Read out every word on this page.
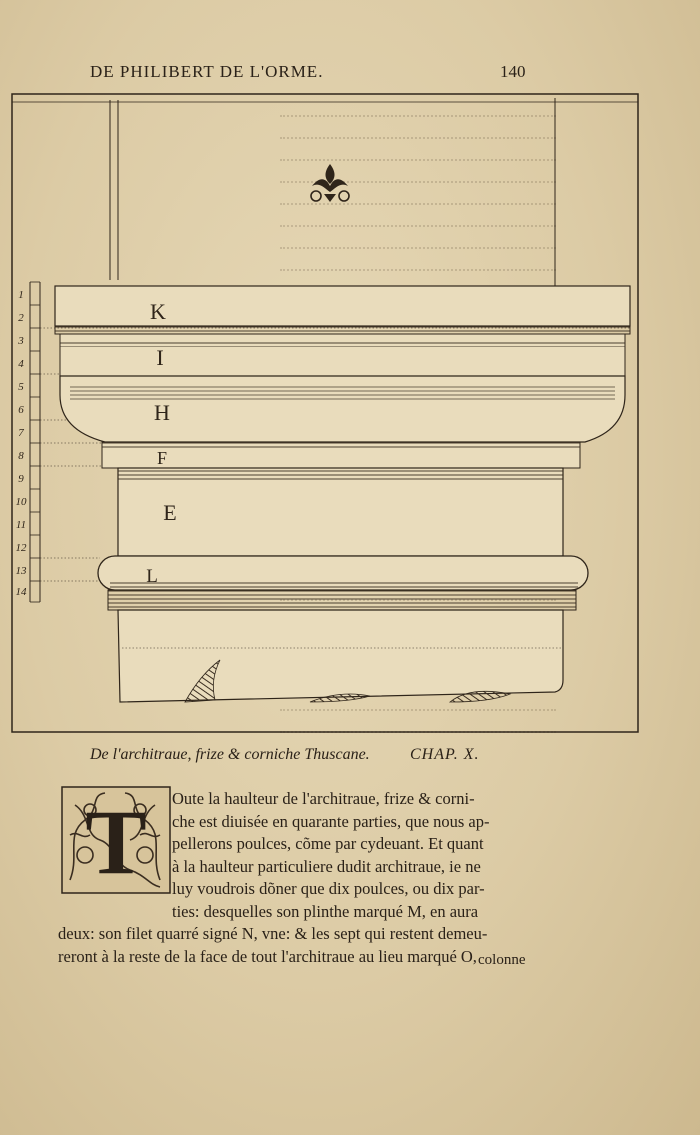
DE PHILIBERT DE L'ORME.	140
1
2
3
4
5
6
7
8
9
10
11
12
13
14
K
I
H
F
E
L
De l'architraue, frize & corniche Thuscane.	CHAP. X.
T	Oute la haulteur de l'architraue, frize & corni-
che est diuisée en quarante parties, que nous ap-
pellerons poulces, cõme par cydeuant. Et quant
à la haulteur particuliere dudit architraue, ie ne
luy voudrois dõner que dix poulces, ou dix par-
ties: desquelles son plinthe marqué M, en aura
deux: son filet quarré signé N, vne: & les sept qui restent demeu-
reront à la reste de la face de tout l'architraue au lieu marqué O, colonne
